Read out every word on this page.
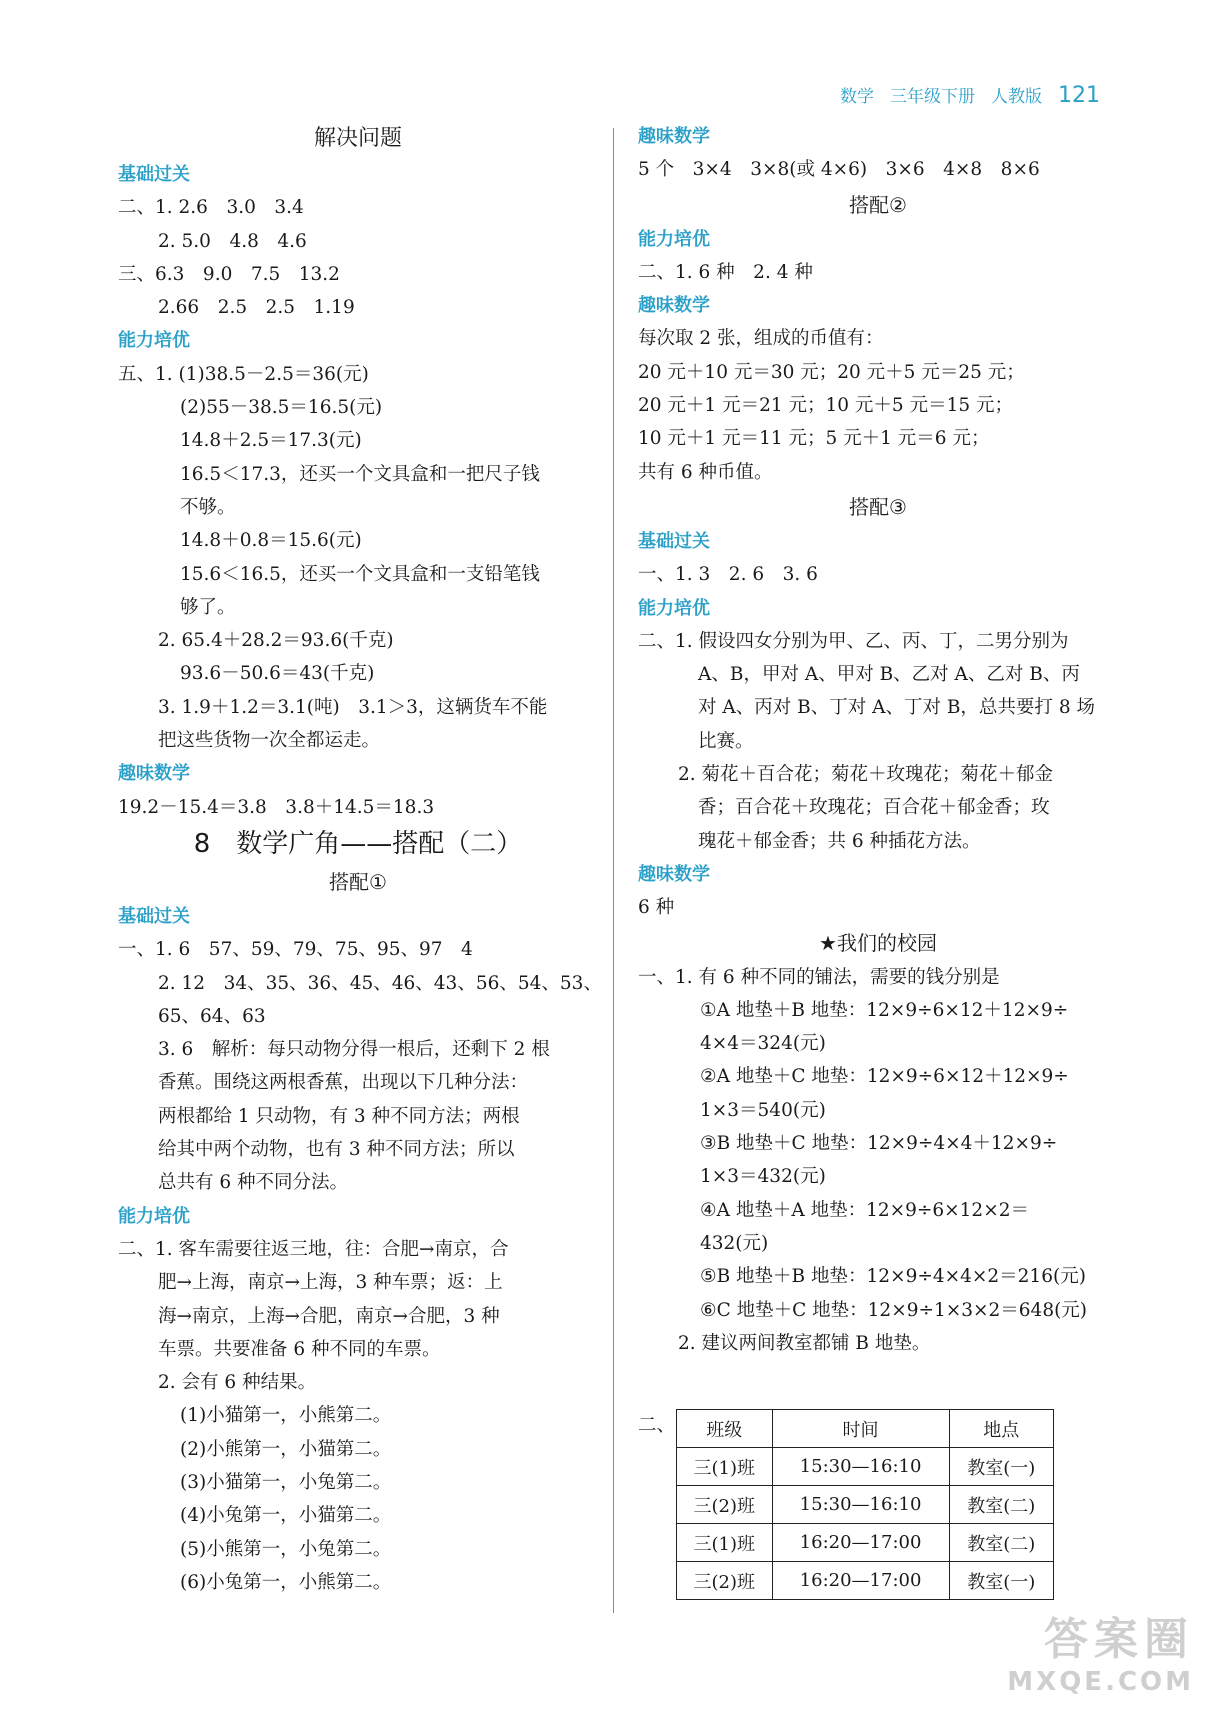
数学 三年级下册 人教版 121
解决问题
基础过关
二、1. 2.6　3.0　3.4
2. 5.0　4.8　4.6
三、6.3　9.0　7.5　13.2
2.66　2.5　2.5　1.19
能力培优
五、1. (1)38.5－2.5＝36(元)
(2)55－38.5＝16.5(元)
14.8＋2.5＝17.3(元)
16.5＜17.3，还买一个文具盒和一把尺子钱
不够。
14.8＋0.8＝15.6(元)
15.6＜16.5，还买一个文具盒和一支铅笔钱
够了。
2. 65.4＋28.2＝93.6(千克)
93.6－50.6＝43(千克)
3. 1.9＋1.2＝3.1(吨)　3.1＞3，这辆货车不能
把这些货物一次全都运走。
趣味数学
19.2－15.4＝3.8　3.8＋14.5＝18.3
8　数学广角——搭配（二）
搭配①
基础过关
一、1. 6　57、59、79、75、95、97　4
2. 12　34、35、36、45、46、43、56、54、53、
65、64、63
3. 6　解析：每只动物分得一根后，还剩下 2 根
香蕉。围绕这两根香蕉，出现以下几种分法：
两根都给 1 只动物，有 3 种不同方法；两根
给其中两个动物，也有 3 种不同方法；所以
总共有 6 种不同分法。
能力培优
二、1. 客车需要往返三地，往：合肥→南京，合
肥→上海，南京→上海，3 种车票；返：上
海→南京，上海→合肥，南京→合肥，3 种
车票。共要准备 6 种不同的车票。
2. 会有 6 种结果。
(1)小猫第一，小熊第二。
(2)小熊第一，小猫第二。
(3)小猫第一，小兔第二。
(4)小兔第一，小猫第二。
(5)小熊第一，小兔第二。
(6)小兔第一，小熊第二。
趣味数学
5 个　3×4　3×8(或 4×6)　3×6　4×8　8×6
搭配②
能力培优
二、1. 6 种　2. 4 种
趣味数学
每次取 2 张，组成的币值有：
20 元＋10 元＝30 元；20 元＋5 元＝25 元；
20 元＋1 元＝21 元；10 元＋5 元＝15 元；
10 元＋1 元＝11 元；5 元＋1 元＝6 元；
共有 6 种币值。
搭配③
基础过关
一、1. 3　2. 6　3. 6
能力培优
二、1. 假设四女分别为甲、乙、丙、丁，二男分别为
A、B，甲对 A、甲对 B、乙对 A、乙对 B、丙
对 A、丙对 B、丁对 A、丁对 B，总共要打 8 场
比赛。
2. 菊花＋百合花；菊花＋玫瑰花；菊花＋郁金
香；百合花＋玫瑰花；百合花＋郁金香；玫
瑰花＋郁金香；共 6 种插花方法。
趣味数学
6 种
★我们的校园
一、1. 有 6 种不同的铺法，需要的钱分别是
①A 地垫＋B 地垫：12×9÷6×12＋12×9÷
4×4＝324(元)
②A 地垫＋C 地垫：12×9÷6×12＋12×9÷
1×3＝540(元)
③B 地垫＋C 地垫：12×9÷4×4＋12×9÷
1×3＝432(元)
④A 地垫＋A 地垫：12×9÷6×12×2＝
432(元)
⑤B 地垫＋B 地垫：12×9÷4×4×2＝216(元)
⑥C 地垫＋C 地垫：12×9÷1×3×2＝648(元)
2. 建议两间教室都铺 B 地垫。
二、 班级	时间	地点
三(1)班	15:30—16:10	教室(一)
三(2)班	15:30—16:10	教室(二)
三(1)班	16:20—17:00	教室(二)
三(2)班	16:20—17:00	教室(一)
答案圈
MXQE.COM
